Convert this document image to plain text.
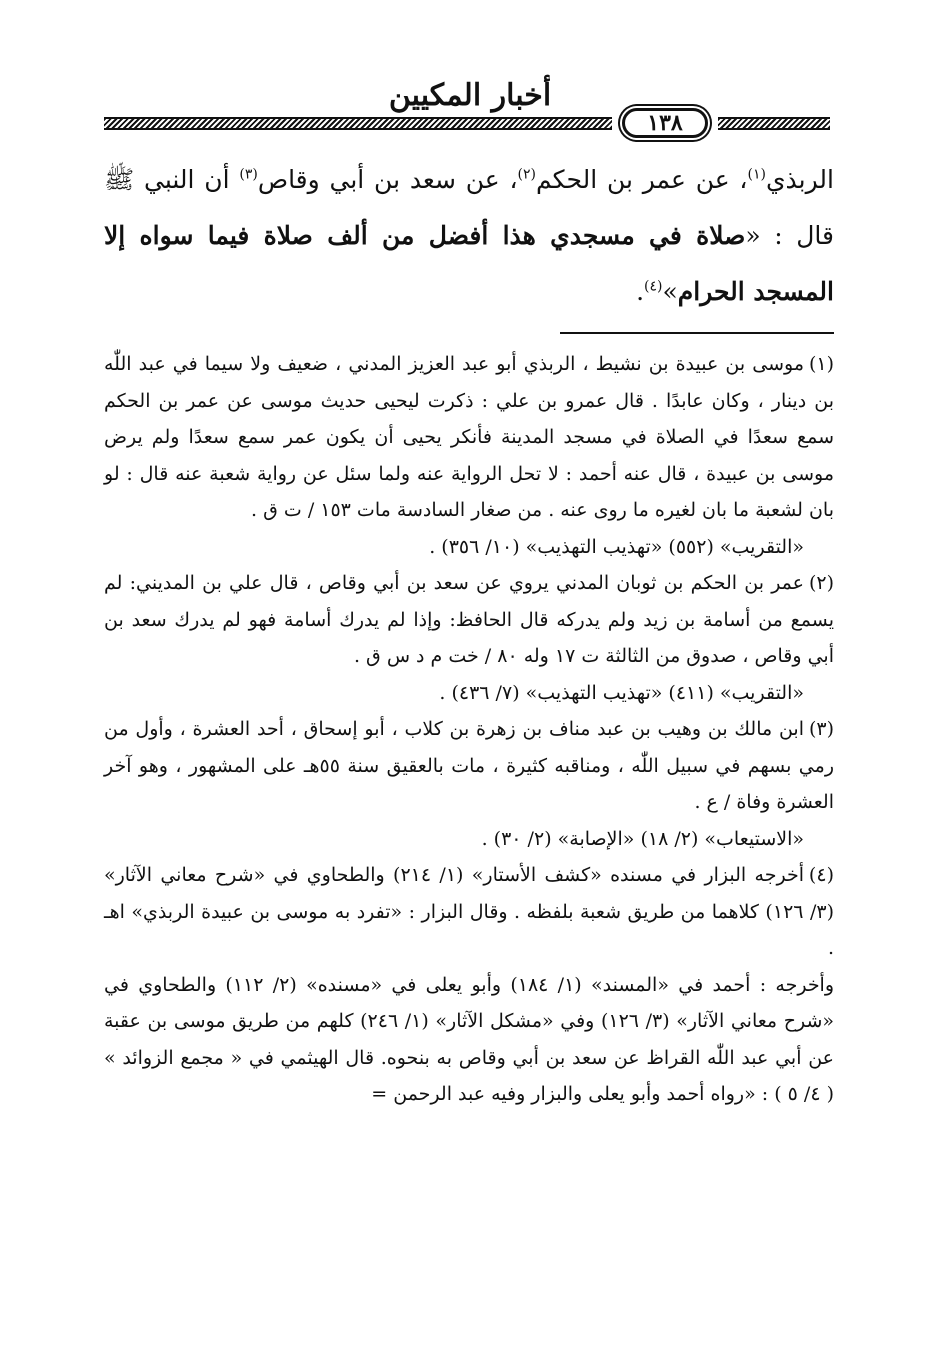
أخبار المكيين
١٣٨

الربذي$^{(١)}$، عن عمر بن الحكم$^{(٢)}$، عن سعد بن أبي وقاص$^{(٣)}$ أن النبي ﷺ قال : «صلاة في مسجدي هذا أفضل من ألف صلاة فيما سواه إلا المسجد الحرام»$^{(٤)}$.

(١)موسى بن عبيدة بن نشيط ، الربذي أبو عبد العزيز المدني ، ضعيف ولا سيما في عبد اللّٰه بن دينار ، وكان عابدًا . قال عمرو بن علي : ذكرت ليحيى حديث موسى عن عمر بن الحكم سمع سعدًا في الصلاة في مسجد المدينة فأنكر يحيى أن يكون عمر سمع سعدًا ولم يرض موسى بن عبيدة ، قال عنه أحمد : لا تحل الرواية عنه ولما سئل عن رواية شعبة عنه قال : لو بان لشعبة ما بان لغيره ما روى عنه . من صغار السادسة مات ١٥٣ / ت ق .
«التقريب» (٥٥٢) «تهذيب التهذيب» (١٠/ ٣٥٦) .
(٢)عمر بن الحكم بن ثوبان المدني يروي عن سعد بن أبي وقاص ، قال علي بن المديني: لم يسمع من أسامة بن زيد ولم يدركه قال الحافظ: وإذا لم يدرك أسامة فهو لم يدرك سعد بن أبي وقاص ، صدوق من الثالثة ت ١٧ وله ٨٠ / خت م د س ق .
«التقريب» (٤١١) «تهذيب التهذيب» (٧/ ٤٣٦) .
(٣)ابن مالك بن وهيب بن عبد مناف بن زهرة بن كلاب ، أبو إسحاق ، أحد العشرة ، وأول من رمي بسهم في سبيل اللّٰه ، ومناقبه كثيرة ، مات بالعقيق سنة ٥٥هـ على المشهور ، وهو آخر العشرة وفاة / ع .
«الاستيعاب» (٢/ ١٨) «الإصابة» (٢/ ٣٠) .
(٤)أخرجه البزار في مسنده «كشف الأستار» (١/ ٢١٤) والطحاوي في «شرح معاني الآثار» (٣/ ١٢٦) كلاهما من طريق شعبة بلفظه . وقال البزار : «تفرد به موسى بن عبيدة الربذي» اهـ .

وأخرجه : أحمد في «المسند» (١/ ١٨٤) وأبو يعلى في «مسنده» (٢/ ١١٢) والطحاوي في «شرح معاني الآثار» (٣/ ١٢٦) وفي «مشكل الآثار» (١/ ٢٤٦) كلهم من طريق موسى بن عقبة عن أبي عبد اللّٰه القراظ عن سعد بن أبي وقاص به بنحوه. قال الهيثمي في « مجمع الزوائد » ( ٤/ ٥ ) : «رواه أحمد وأبو يعلى والبزار وفيه عبد الرحمن =
